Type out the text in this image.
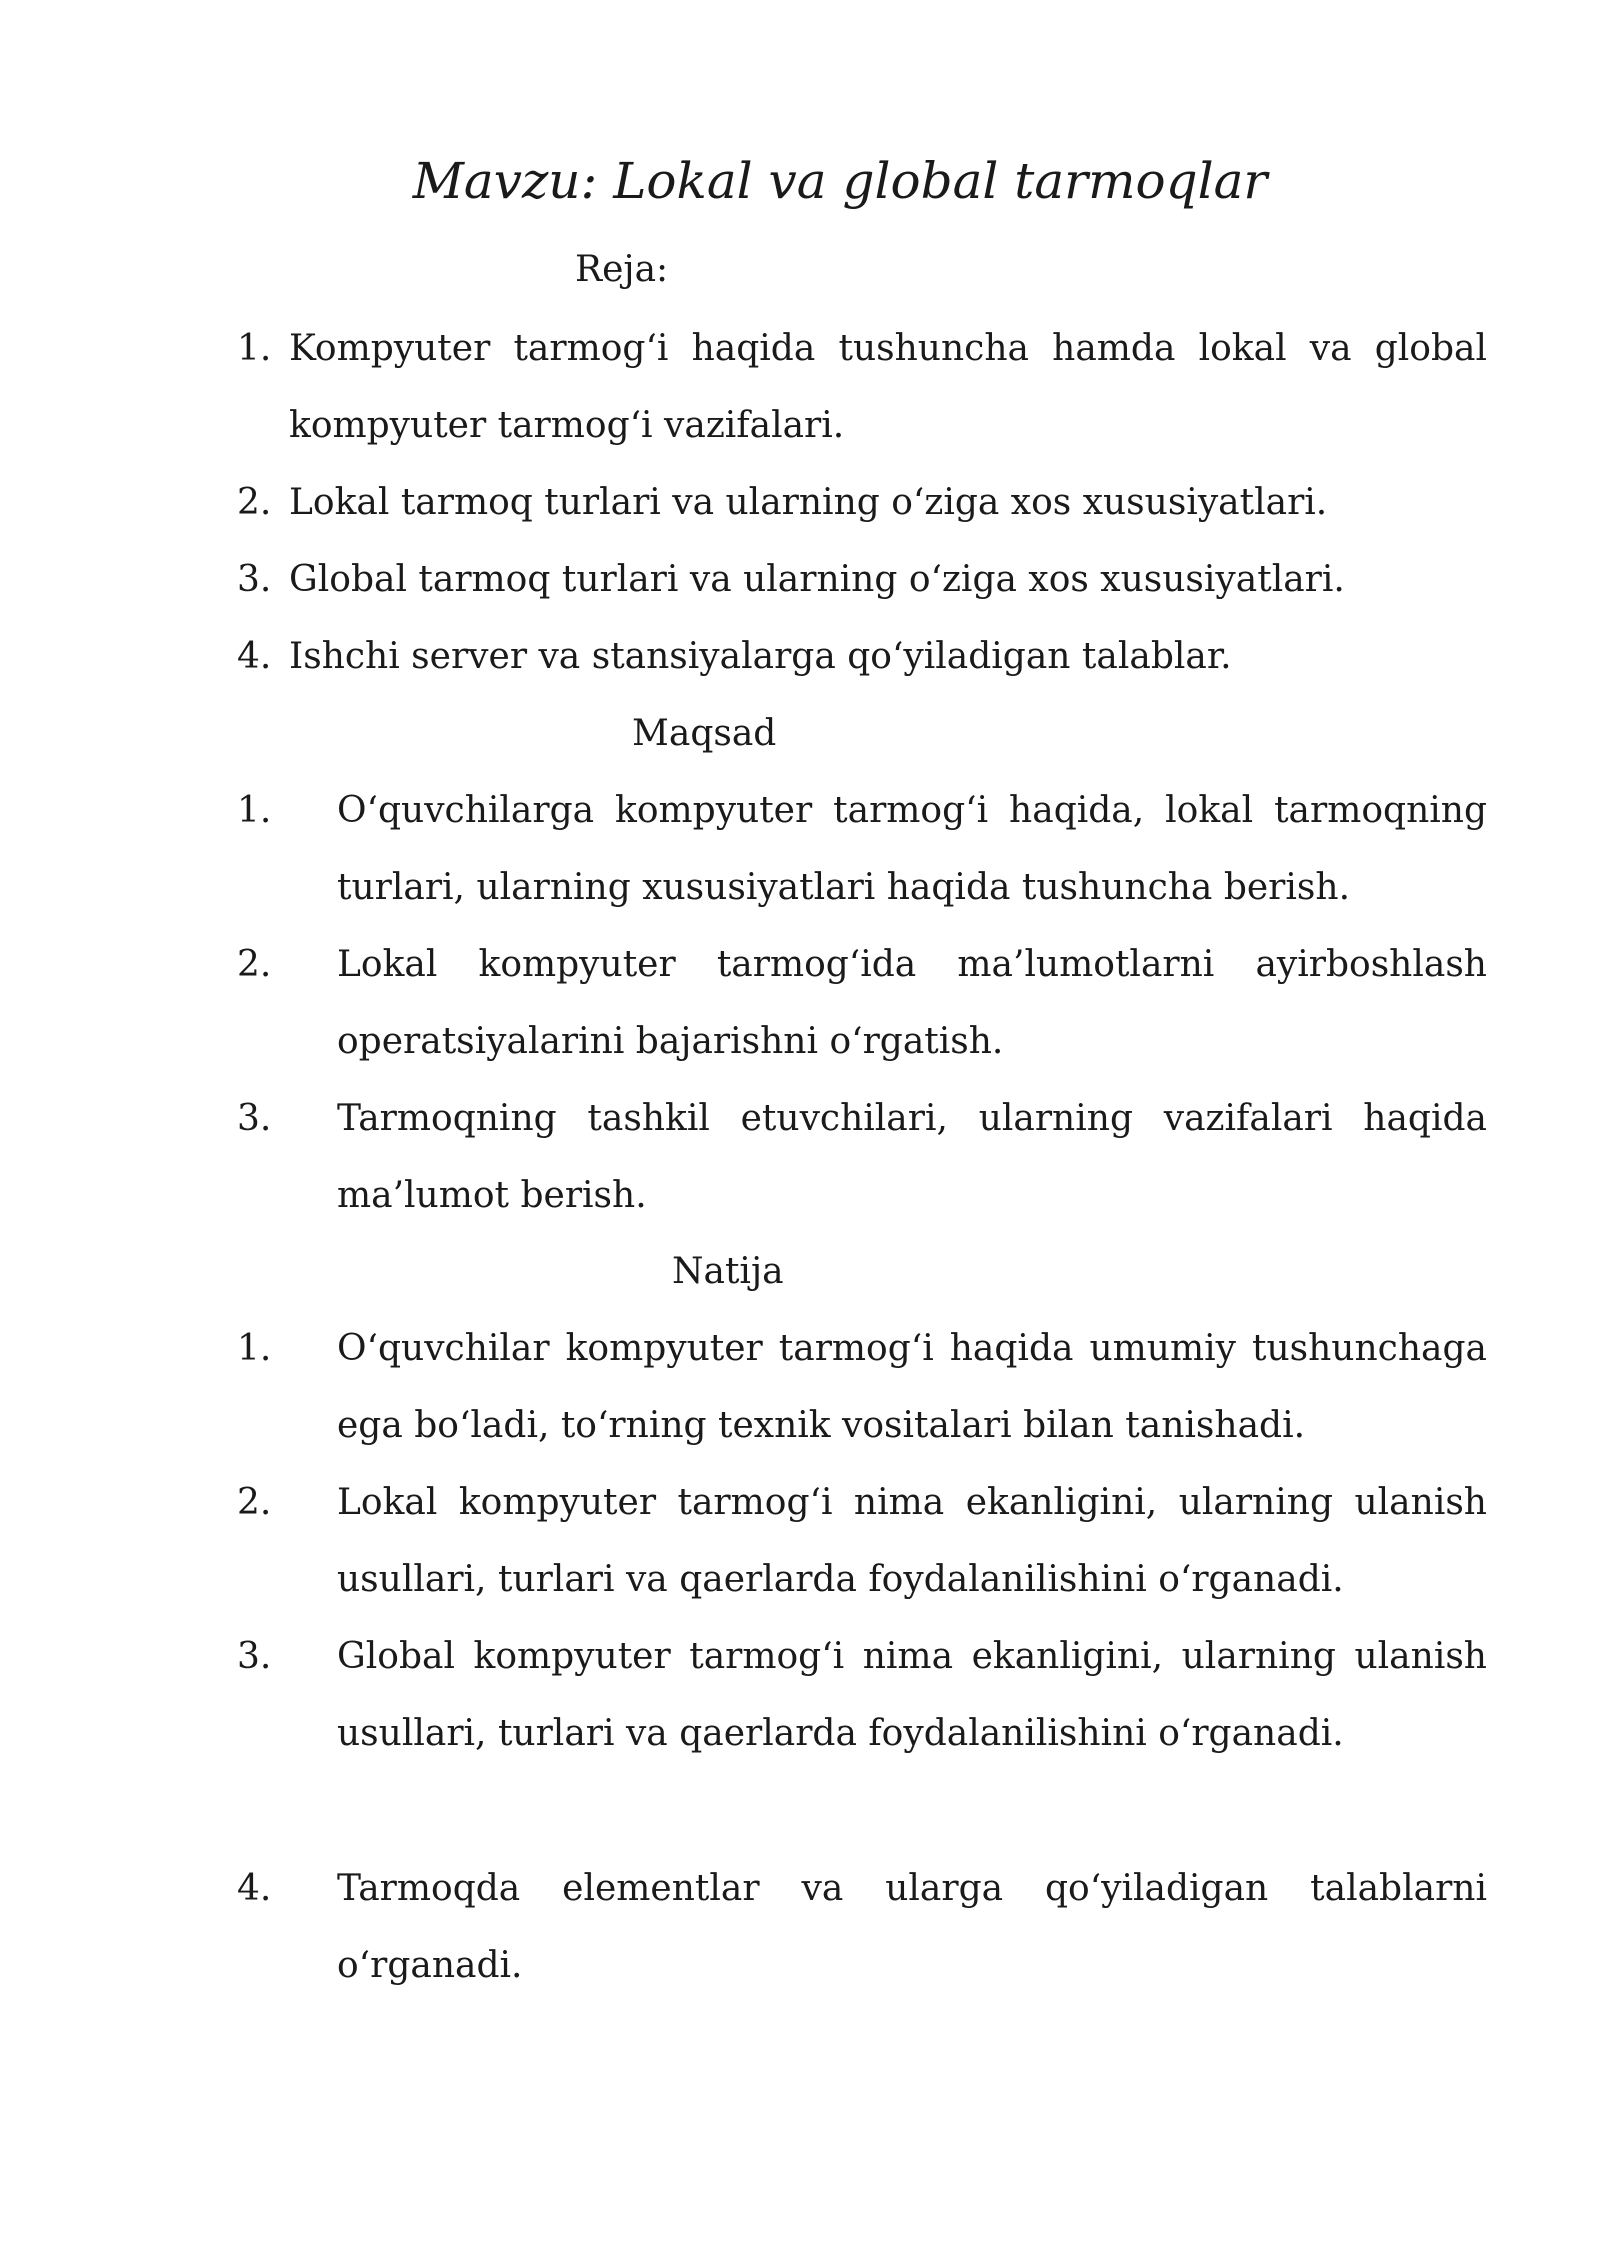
Mavzu: Lokal va global tarmoqlar
Reja:
1. Kompyuter tarmog‘i haqida tushuncha hamda lokal va global kompyuter tarmog‘i vazifalari.
2. Lokal tarmoq turlari va ularning o‘ziga xos xususiyatlari.
3. Global tarmoq turlari va ularning o‘ziga xos xususiyatlari.
4. Ishchi server va stansiyalarga qo‘yiladigan talablar.
Maqsad
1. O‘quvchilarga kompyuter tarmog‘i haqida, lokal tarmoqning turlari, ularning xususiyatlari haqida tushuncha berish.
2. Lokal kompyuter tarmog‘ida ma’lumotlarni ayirboshlash operatsiyalarini bajarishni o‘rgatish.
3. Tarmoqning tashkil etuvchilari, ularning vazifalari haqida ma’lumot berish.
Natija
1. O‘quvchilar kompyuter tarmog‘i haqida umumiy tushunchaga ega bo‘ladi, to‘rning texnik vositalari bilan tanishadi.
2. Lokal kompyuter tarmog‘i nima ekanligini, ularning ulanish usullari, turlari va qaerlarda foydalanilishini o‘rganadi.
3. Global kompyuter tarmog‘i nima ekanligini, ularning ulanish usullari, turlari va qaerlarda foydalanilishini o‘rganadi.
4. Tarmoqda elementlar va ularga qo‘yiladigan talablarni o‘rganadi.
